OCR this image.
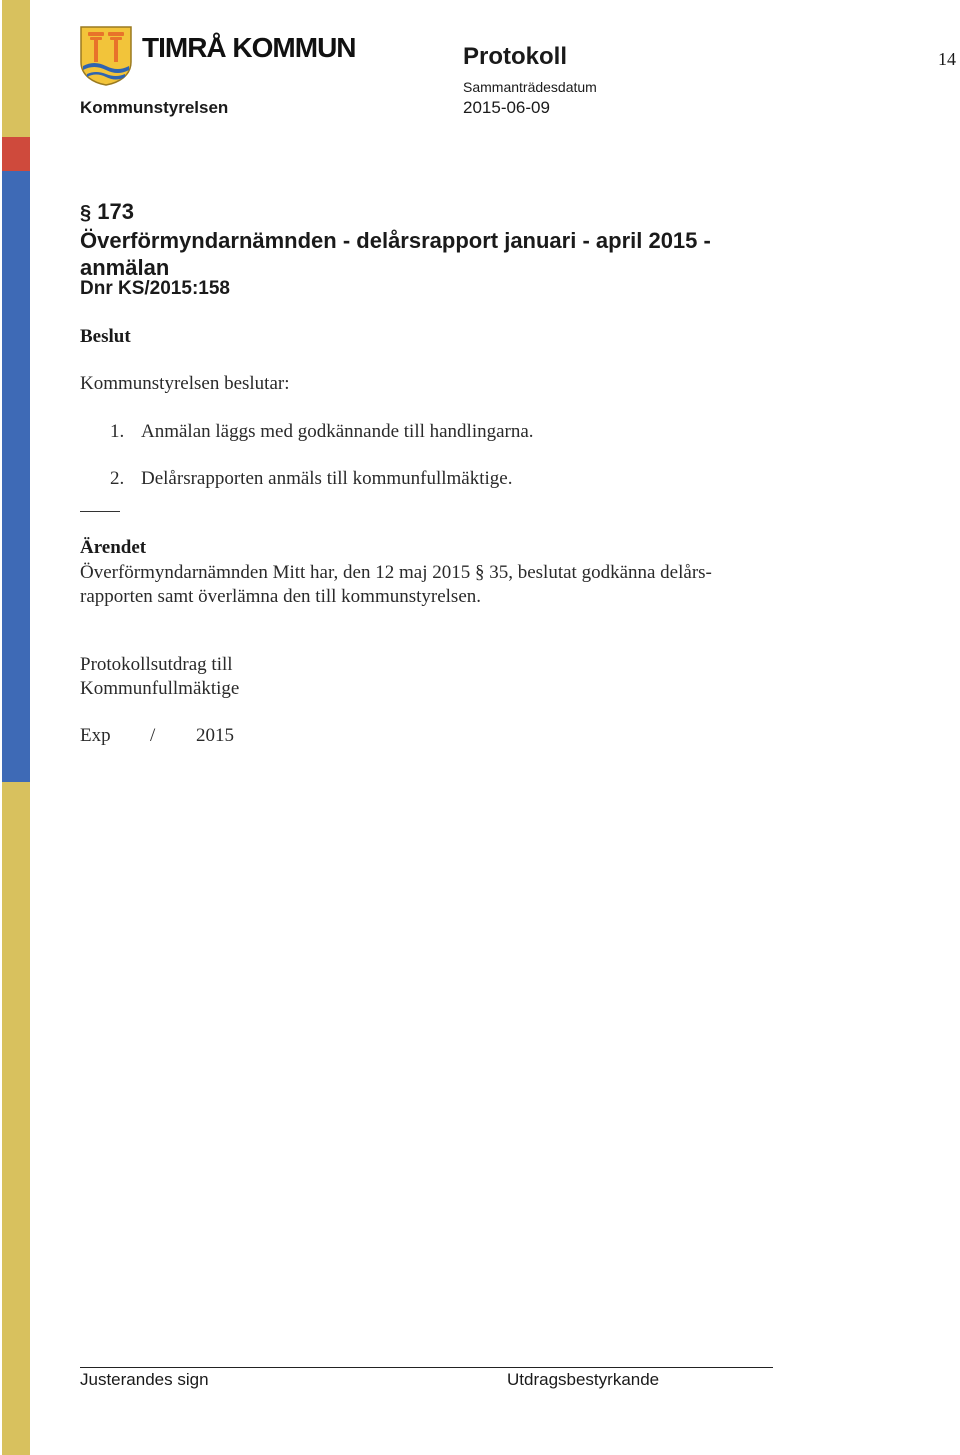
TIMRÅ KOMMUN
Kommunstyrelsen
Protokoll
Sammanträdesdatum
2015-06-09
14
§ 173
Överförmyndarnämnden - delårsrapport januari - april 2015 - anmälan
Dnr KS/2015:158
Beslut
Kommunstyrelsen beslutar:
1. Anmälan läggs med godkännande till handlingarna.
2. Delårsrapporten anmäls till kommunfullmäktige.
Ärendet
Överförmyndarnämnden Mitt har, den 12 maj 2015 § 35, beslutat godkänna delårs-rapporten samt överlämna den till kommunstyrelsen.
Protokollsutdrag till
Kommunfullmäktige
Exp / 2015
Justerandes sign	Utdragsbestyrkande
